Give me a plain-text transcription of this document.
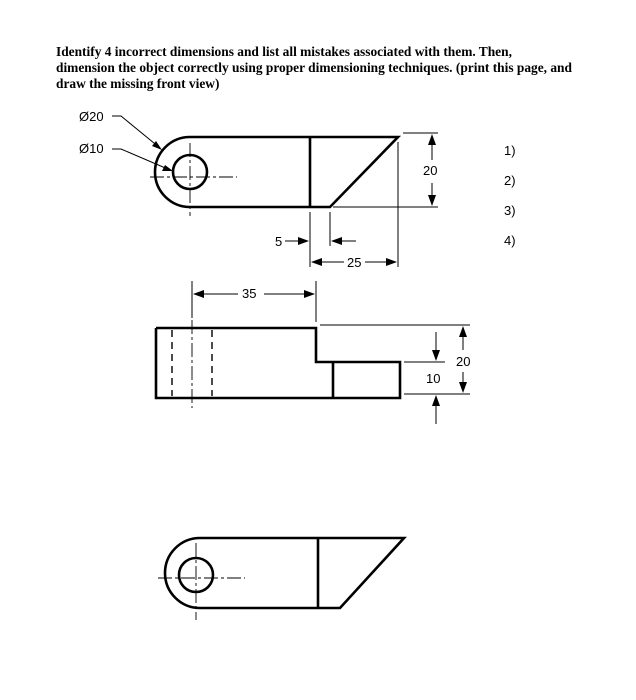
Identify 4 incorrect dimensions and list all mistakes associated with them. Then,
dimension the object correctly using proper dimensioning techniques. (print this page, and
draw the missing front view)
Ø20
Ø10
20
5
25
1)
2)
3)
4)
35
10
20
